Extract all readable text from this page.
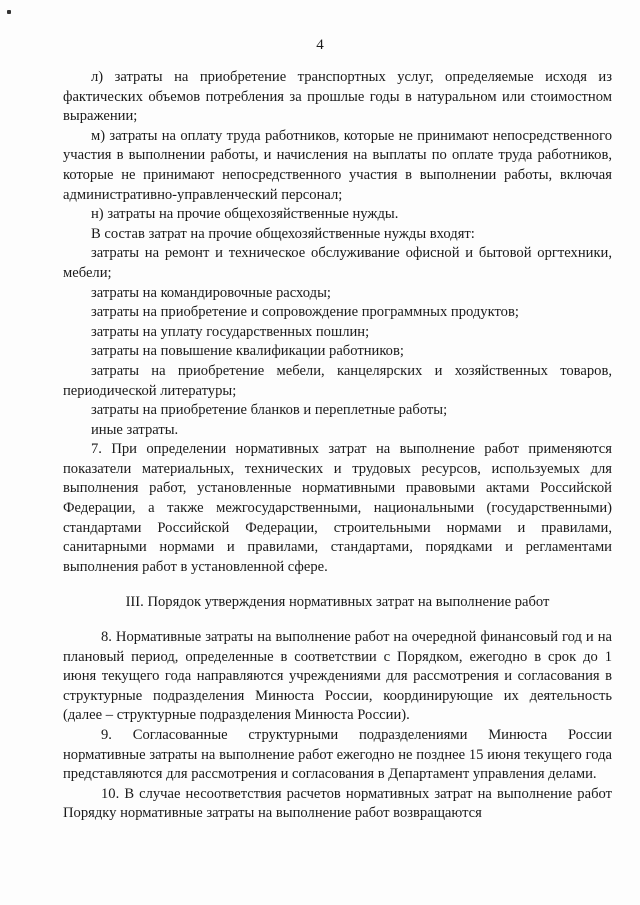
4

л) затраты на приобретение транспортных услуг, определяемые исходя из фактических объемов потребления за прошлые годы в натуральном или стоимостном выражении;

м) затраты на оплату труда работников, которые не принимают непосредственного участия в выполнении работы, и начисления на выплаты по оплате труда работников, которые не принимают непосредственного участия в выполнении работы, включая административно-управленческий персонал;

н) затраты на прочие общехозяйственные нужды.

В состав затрат на прочие общехозяйственные нужды входят:

затраты на ремонт и техническое обслуживание офисной и бытовой оргтехники, мебели;

затраты на командировочные расходы;

затраты на приобретение и сопровождение программных продуктов;

затраты на уплату государственных пошлин;

затраты на повышение квалификации работников;

затраты на приобретение мебели, канцелярских и хозяйственных товаров, периодической литературы;

затраты на приобретение бланков и переплетные работы;

иные затраты.

7. При определении нормативных затрат на выполнение работ применяются показатели материальных, технических и трудовых ресурсов, используемых для выполнения работ, установленные нормативными правовыми актами Российской Федерации, а также межгосударственными, национальными (государственными) стандартами Российской Федерации, строительными нормами и правилами, санитарными нормами и правилами, стандартами, порядками и регламентами выполнения работ в установленной сфере.

III. Порядок утверждения нормативных затрат на выполнение работ

8. Нормативные затраты на выполнение работ на очередной финансовый год и на плановый период, определенные в соответствии с Порядком, ежегодно в срок до 1 июня текущего года направляются учреждениями для рассмотрения и согласования в структурные подразделения Минюста России, координирующие их деятельность (далее – структурные подразделения Минюста России).

9. Согласованные структурными подразделениями Минюста России нормативные затраты на выполнение работ ежегодно не позднее 15 июня текущего года представляются для рассмотрения и согласования в Департамент управления делами.

10. В случае несоответствия расчетов нормативных затрат на выполнение работ Порядку нормативные затраты на выполнение работ возвращаются
